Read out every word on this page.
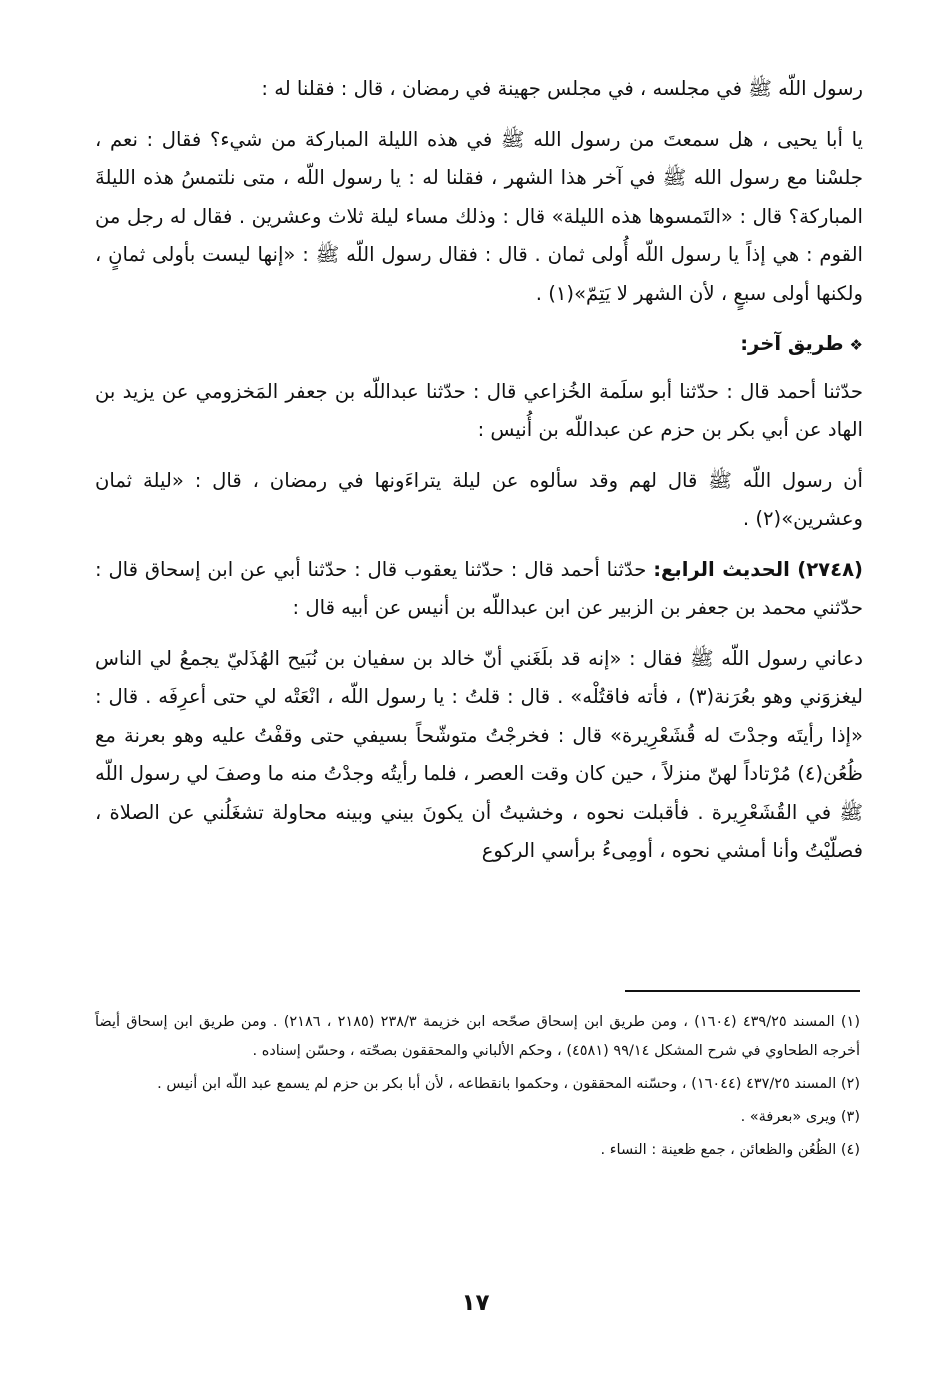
رسول اللّه ﷺ في مجلسه ، في مجلس جهينة في رمضان ، قال : فقلنا له :

يا أبا يحيى ، هل سمعتَ من رسول الله ﷺ في هذه الليلة المباركة من شيء؟ فقال : نعم ، جلسْنا مع رسول الله ﷺ في آخر هذا الشهر ، فقلنا له : يا رسول اللّه ، متى نلتمسُ هذه الليلةَ المباركة؟ قال : «التَمسوها هذه الليلة» قال : وذلك مساء ليلة ثلاث وعشرين . فقال له رجل من القوم : هي إذاً يا رسول اللّه أُولى ثمان . قال : فقال رسول اللّه ﷺ : «إنها ليست بأولى ثمانٍ ، ولكنها أولى سبعٍ ، لأن الشهر لا يَتِمّ»(١) .

❖طريق آخر:

حدّثنا أحمد قال : حدّثنا أبو سلَمة الخُزاعي قال : حدّثنا عبداللّه بن جعفر المَخزومي عن يزيد بن الهاد عن أبي بكر بن حزم عن عبداللّه بن أُنيس :

أن رسول اللّه ﷺ قال لهم وقد سألوه عن ليلة يتراءَونها في رمضان ، قال : «ليلة ثمان وعشرين»(٢) .

(٢٧٤٨) الحديث الرابع: حدّثنا أحمد قال : حدّثنا يعقوب قال : حدّثنا أبي عن ابن إسحاق قال : حدّثني محمد بن جعفر بن الزبير عن ابن عبداللّه بن أنيس عن أبيه قال :

دعاني رسول اللّه ﷺ فقال : «إنه قد بلَغَني أنّ خالد بن سفيان بن نُبَيح الهُذَليّ يجمعُ لي الناس ليغزوَني وهو بعُرَنة(٣) ، فأته فاقتُلْه» . قال : قلتُ : يا رسول اللّه ، انْعَتْه لي حتى أعرِفَه . قال : «إذا رأيتَه وجدْتَ له قُشَعْرِيرة» قال : فخرجْتُ متوشّحاً بسيفي حتى وقفْتُ عليه وهو بعرنة مع ظُعُن(٤) مُرْتاداً لهنّ منزلاً ، حين كان وقت العصر ، فلما رأيتُه وجدْتُ منه ما وصفَ لي رسول اللّه ﷺ في القُشَعْرِيرة . فأقبلت نحوه ، وخشيتُ أن يكونَ بيني وبينه محاولة تشغَلُني عن الصلاة ، فصلّيْتُ وأنا أمشي نحوه ، أومِىءُ برأسي الركوع

(١) المسند ٤٣٩/٢٥ (١٦٠٤) ، ومن طريق ابن إسحاق صحّحه ابن خزيمة ٢٣٨/٣ (٢١٨٥ ، ٢١٨٦) . ومن طريق ابن إسحاق أيضاً أخرجه الطحاوي في شرح المشكل ٩٩/١٤ (٤٥٨١) ، وحكم الألباني والمحققون بصحّته ، وحسّن إسناده .

(٢) المسند ٤٣٧/٢٥ (١٦٠٤٤) ، وحسّنه المحققون ، وحكموا بانقطاعه ، لأن أبا بكر بن حزم لم يسمع عبد اللّه ابن أنيس .

(٣) ويرى «بعرفة» .

(٤) الظُعُن والظعائن ، جمع ظعينة : النساء .

١٧
